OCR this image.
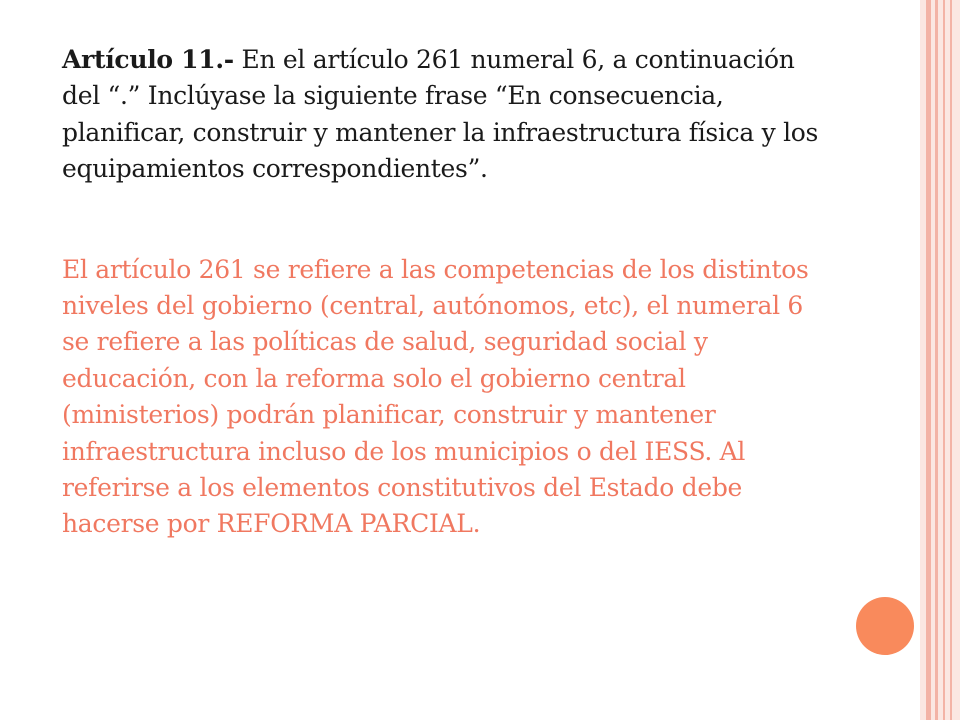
Artículo 11.- En el artículo 261 numeral 6, a continuación del “.” Inclúyase la siguiente frase “En consecuencia, planificar, construir y mantener la infraestructura física y los equipamientos correspondientes”.

El artículo 261 se refiere a las competencias de los distintos niveles del gobierno (central, autónomos, etc), el numeral 6 se refiere a las políticas de salud, seguridad social y educación, con la reforma solo el gobierno central (ministerios) podrán planificar, construir y mantener infraestructura incluso de los municipios o del IESS. Al referirse a los elementos constitutivos del Estado debe hacerse por REFORMA PARCIAL.
